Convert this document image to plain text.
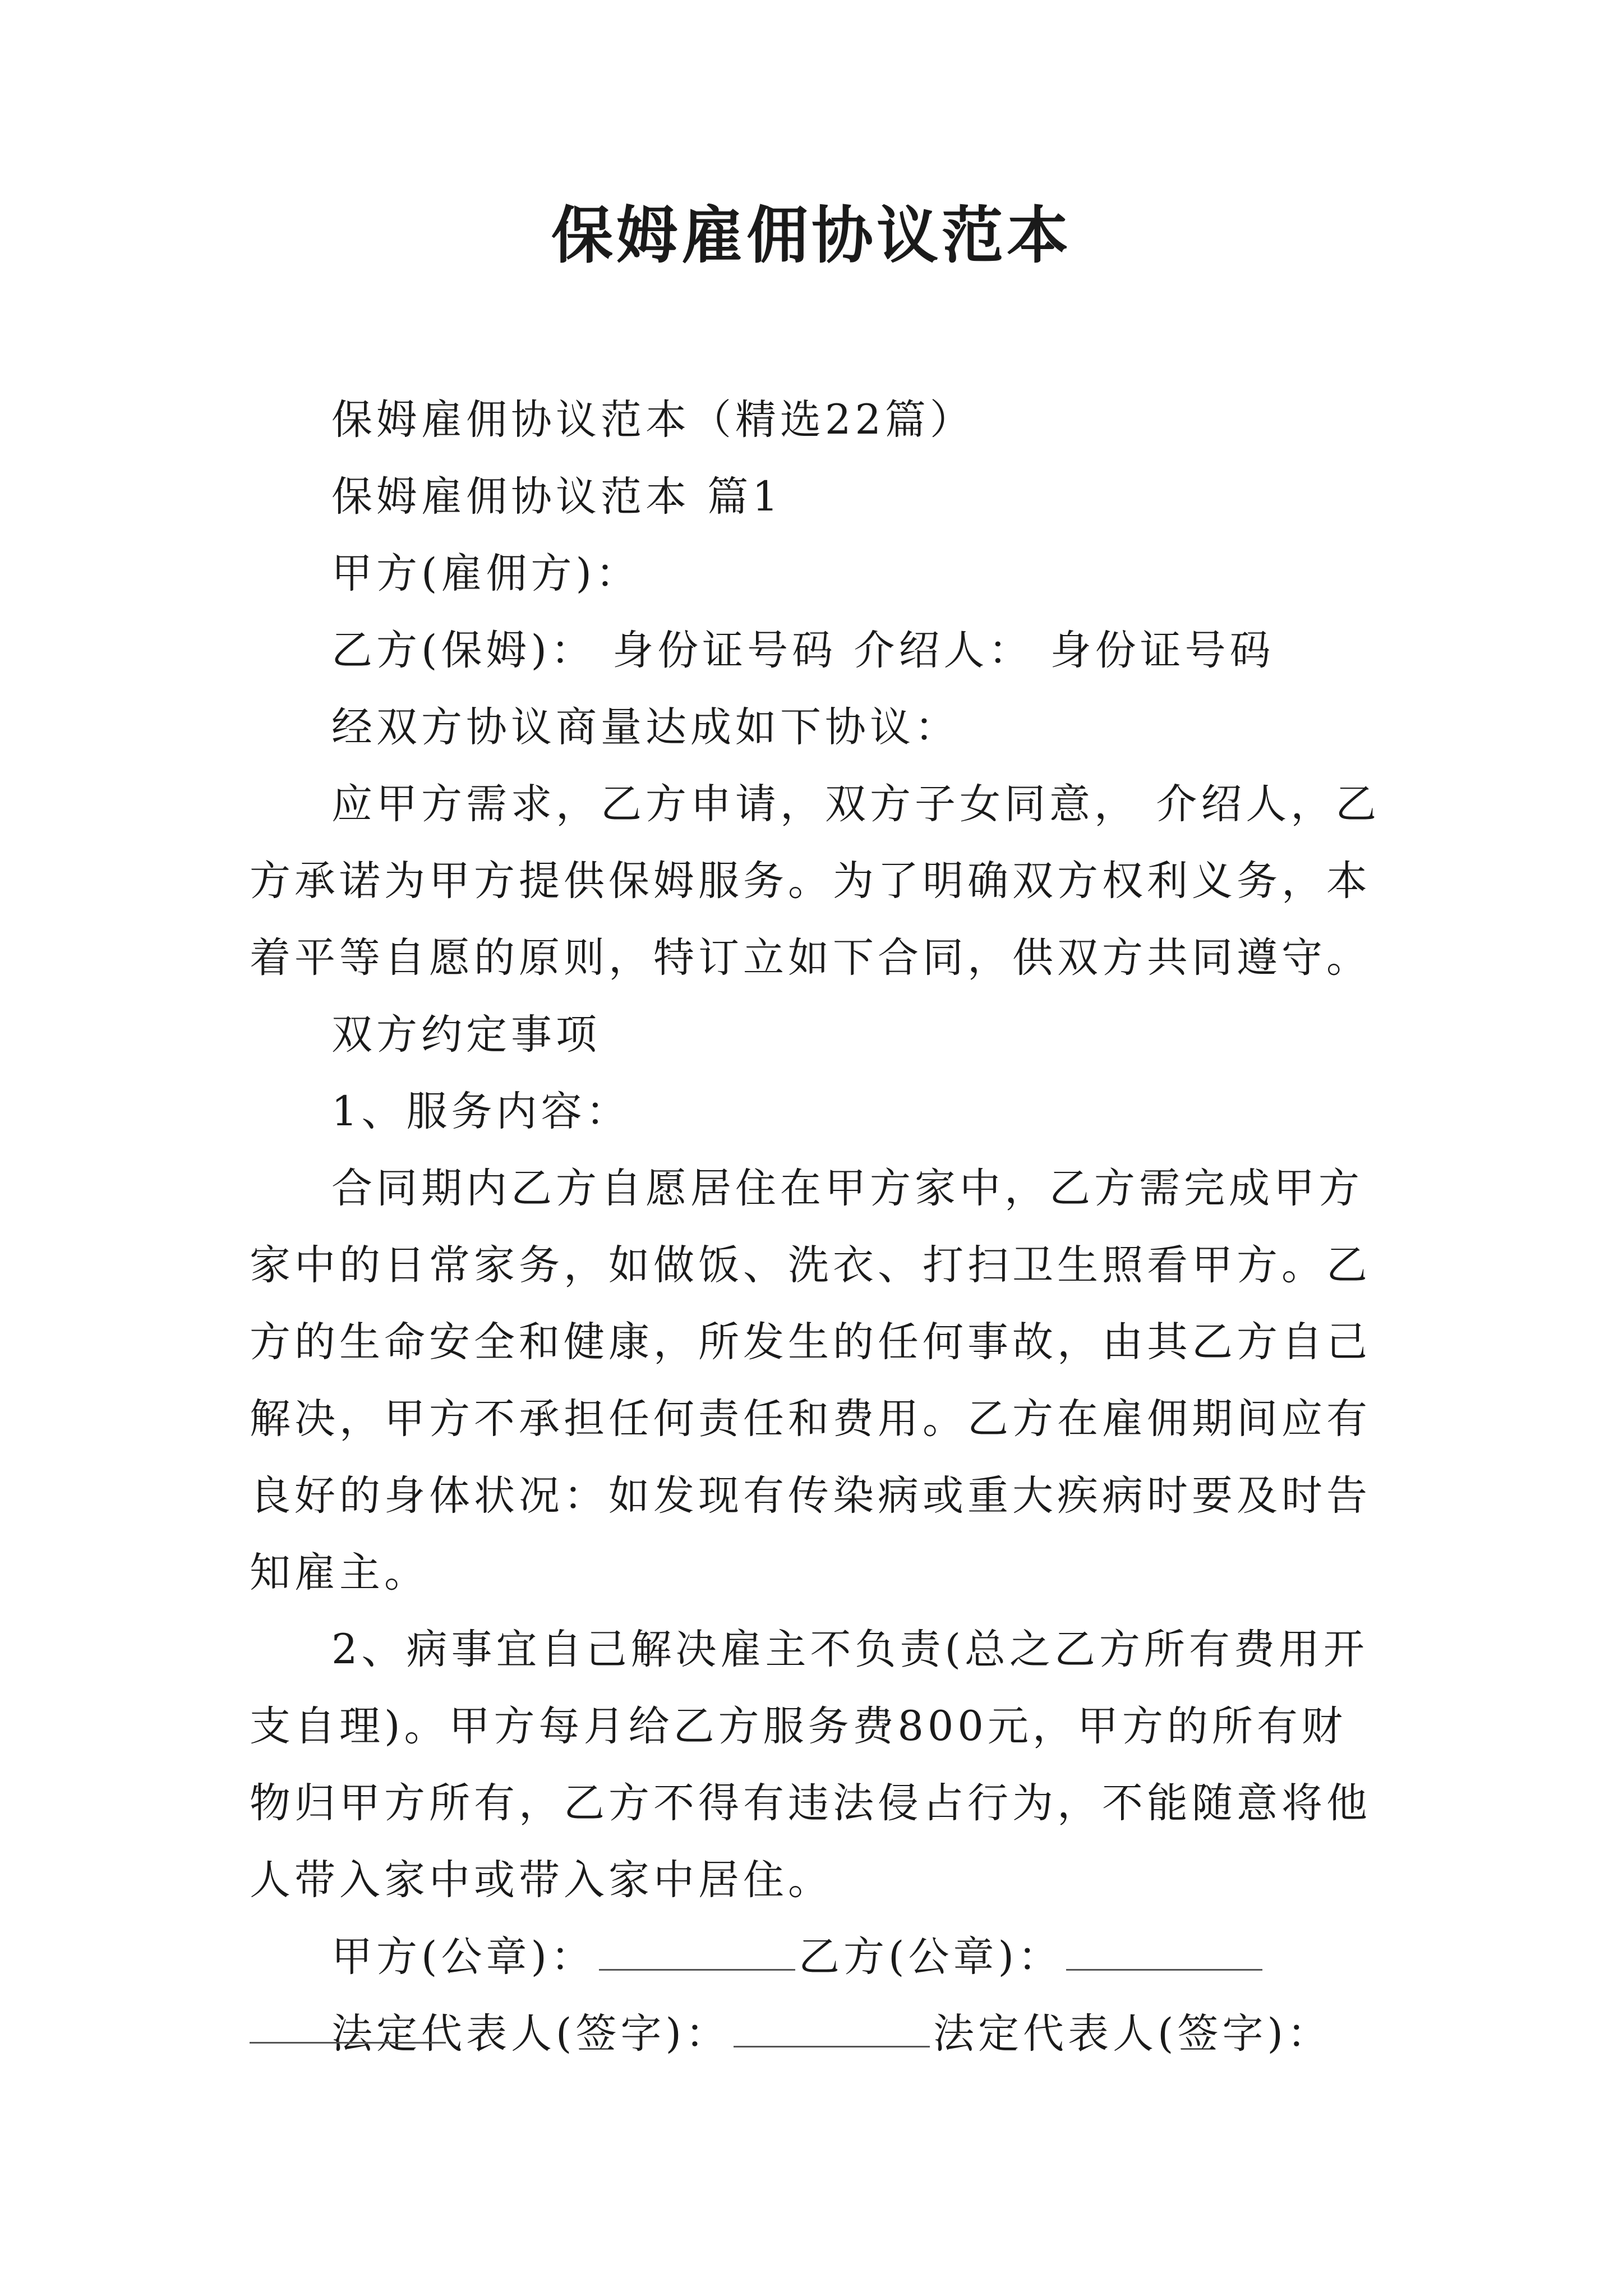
保姆雇佣协议范本

保姆雇佣协议范本（精选22篇）

保姆雇佣协议范本 篇1

甲方(雇佣方)：

乙方(保姆)： 身份证号码 介绍人： 身份证号码

经双方协议商量达成如下协议：

应甲方需求，乙方申请，双方子女同意， 介绍人，乙方承诺为甲方提供保姆服务。为了明确双方权利义务，本着平等自愿的原则，特订立如下合同，供双方共同遵守。

双方约定事项

1、服务内容：

合同期内乙方自愿居住在甲方家中，乙方需完成甲方家中的日常家务，如做饭、洗衣、打扫卫生照看甲方。乙方的生命安全和健康，所发生的任何事故，由其乙方自己解决，甲方不承担任何责任和费用。乙方在雇佣期间应有良好的身体状况：如发现有传染病或重大疾病时要及时告知雇主。

2、病事宜自己解决雇主不负责(总之乙方所有费用开支自理)。甲方每月给乙方服务费800元，甲方的所有财物归甲方所有，乙方不得有违法侵占行为，不能随意将他人带入家中或带入家中居住。

甲方(公章)：	乙方(公章)：

法定代表人(签字)：	法定代表人(签字)：
